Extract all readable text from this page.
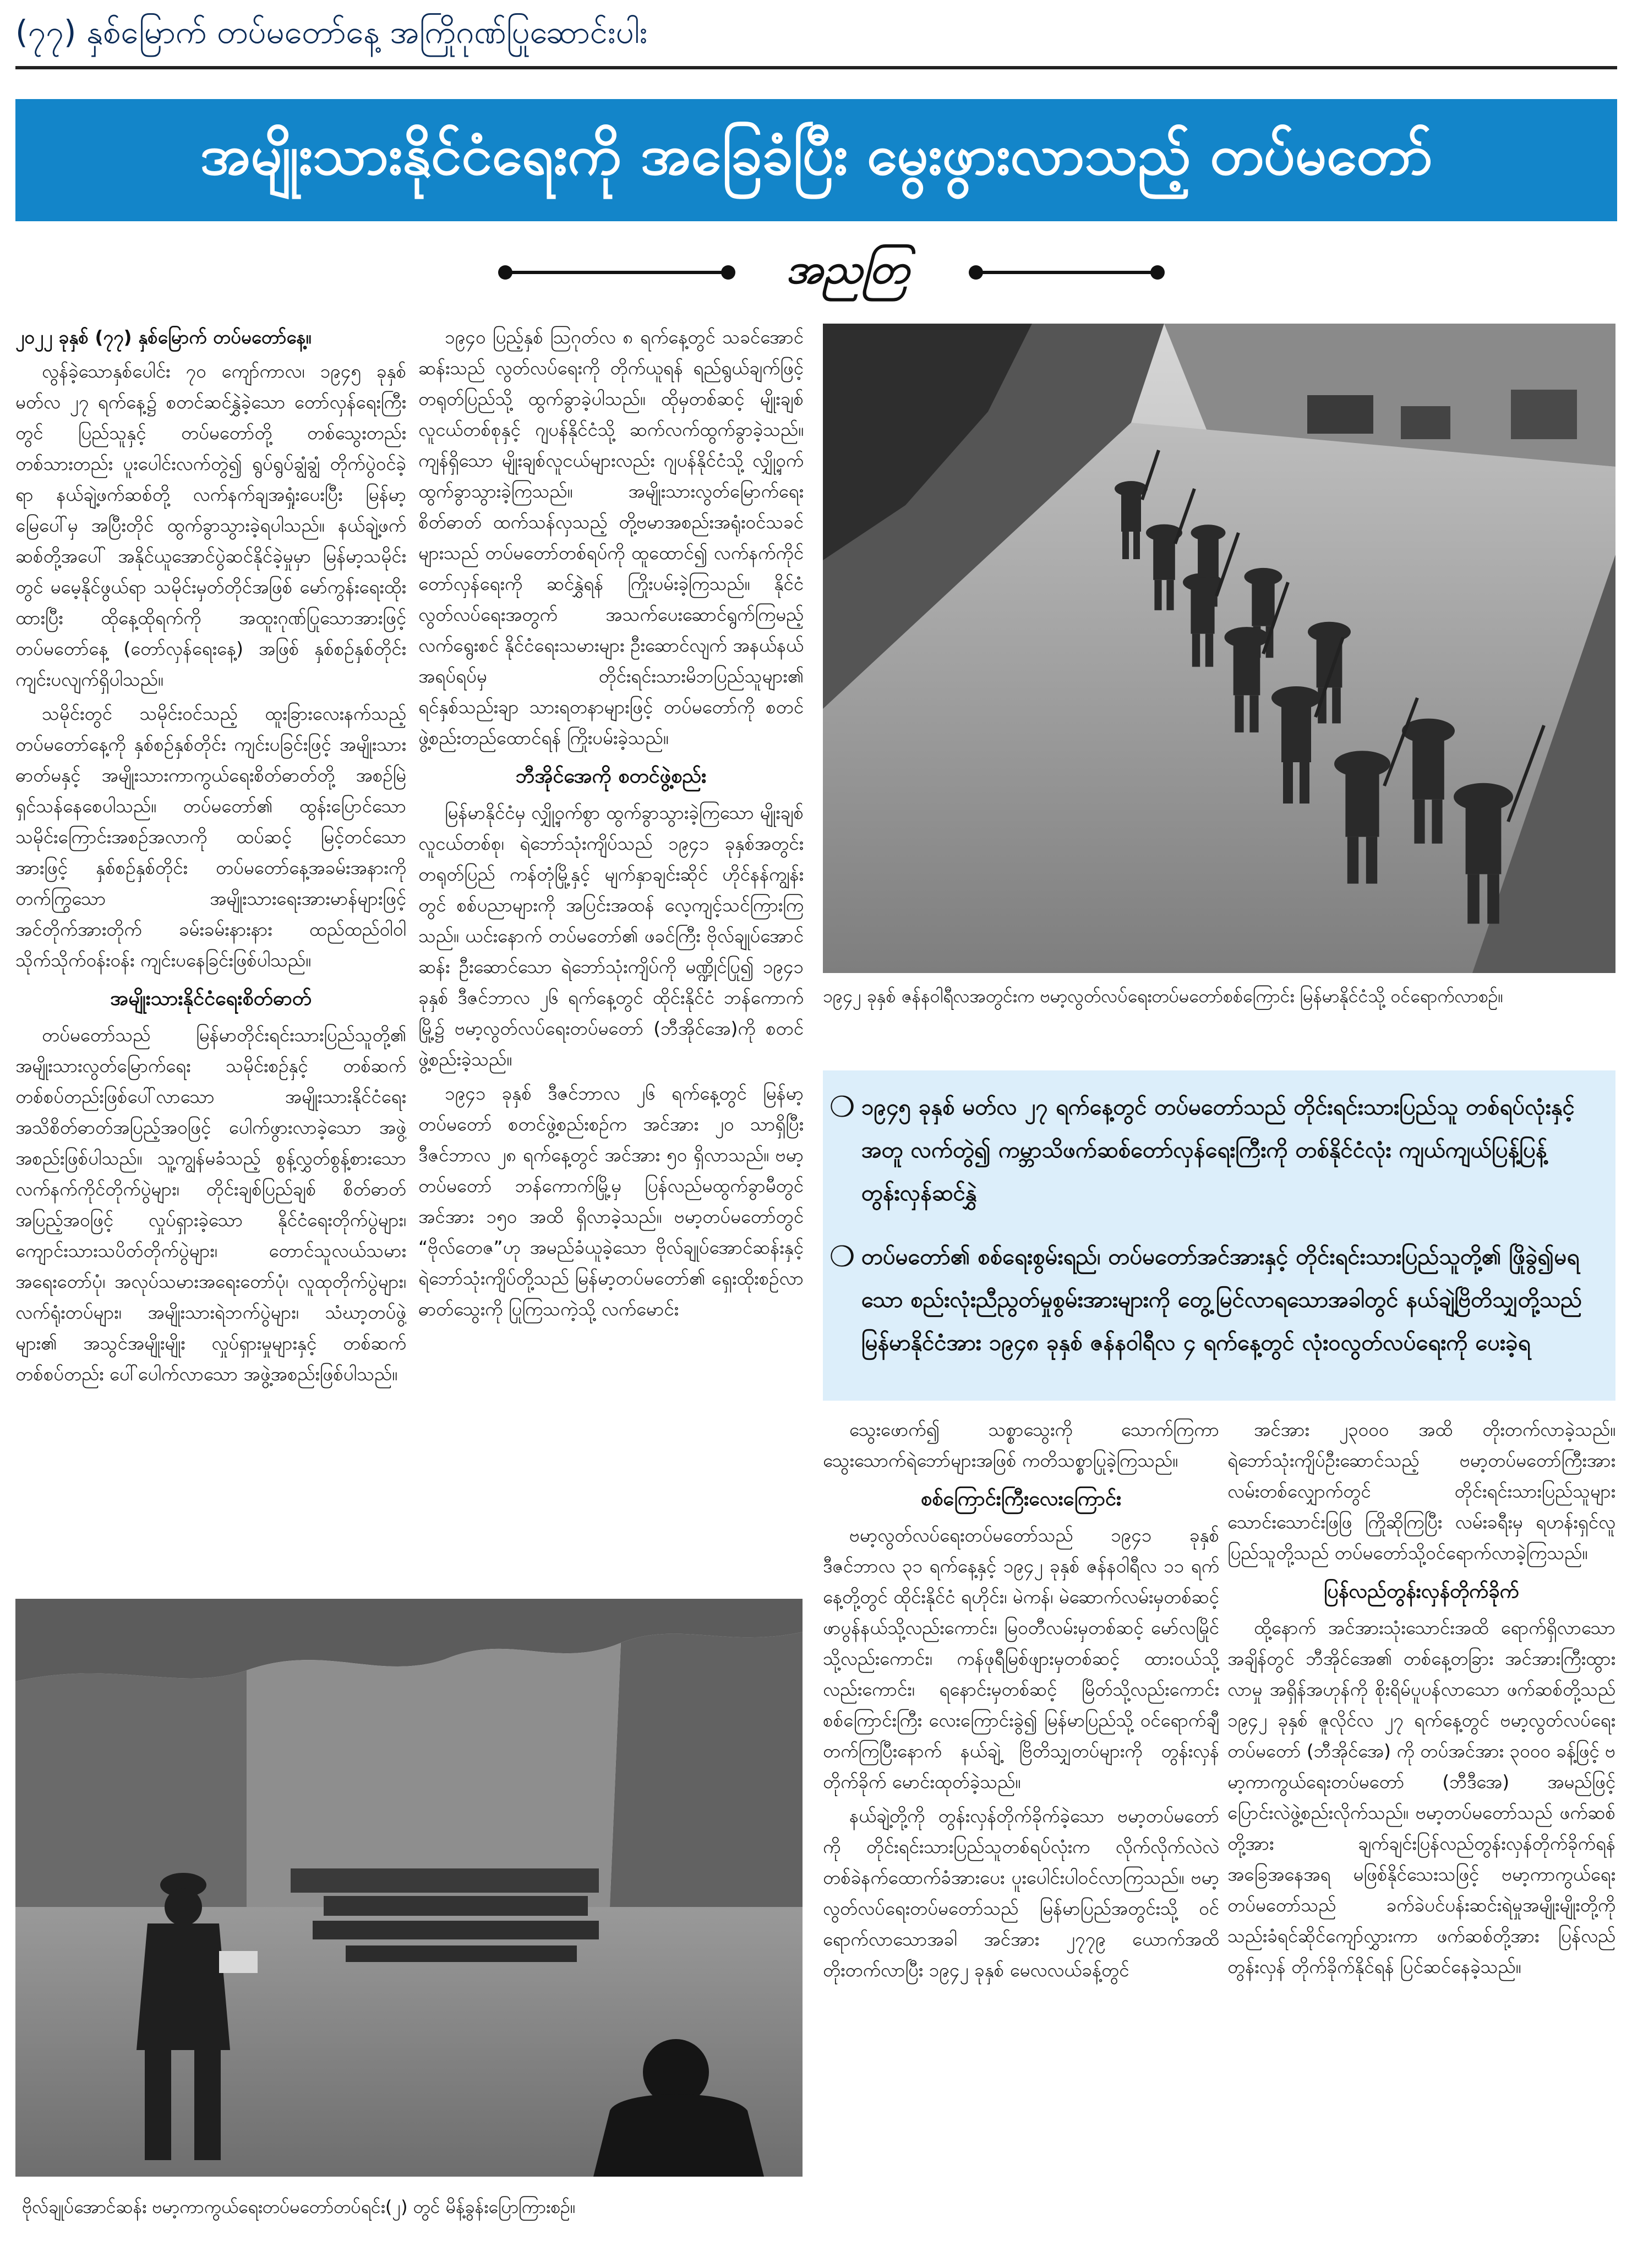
(၇၇) နှစ်မြောက် တပ်မတော်နေ့ အကြိုဂုဏ်ပြုဆောင်းပါး
အမျိုးသားနိုင်ငံရေးကို အခြေခံပြီး မွေးဖွားလာသည့် တပ်မတော်
အညတြ

၂၀၂၂ ခုနှစ် (၇၇) နှစ်မြောက် တပ်မတော်နေ့။

လွန်ခဲ့သောနှစ်ပေါင်း ၇၀ ကျော်ကာလ၊ ၁၉၄၅ ခုနှစ် မတ်လ ၂၇ ရက်နေ့၌ စတင်ဆင်နွှဲခဲ့သော တော်လှန်ရေးကြီးတွင် ပြည်သူနှင့် တပ်မတော်တို့ တစ်သွေးတည်း တစ်သားတည်း ပူးပေါင်းလက်တွဲ၍ ရွပ်ရွပ်ချွံချွံ တိုက်ပွဲဝင်ခဲ့ရာ နယ်ချဲ့ဖက်ဆစ်တို့ လက်နက်ချအရှုံးပေးပြီး မြန်မာ့မြေပေါ်မှ အပြီးတိုင် ထွက်ခွာသွားခဲ့ရပါသည်။ နယ်ချဲ့ဖက်ဆစ်တို့အပေါ် အနိုင်ယူအောင်ပွဲဆင်နိုင်ခဲ့မှုမှာ မြန်မာ့သမိုင်းတွင် မမေ့နိုင်ဖွယ်ရာ သမိုင်းမှတ်တိုင်အဖြစ် မော်ကွန်းရေးထိုးထားပြီး ထိုနေ့ထိုရက်ကို အထူးဂုဏ်ပြုသောအားဖြင့် တပ်မတော်နေ့ (တော်လှန်ရေးနေ့) အဖြစ် နှစ်စဉ်နှစ်တိုင်း ကျင်းပလျက်ရှိပါသည်။

သမိုင်းတွင် သမိုင်းဝင်သည့် ထူးခြားလေးနက်သည့် တပ်မတော်နေ့ကို နှစ်စဉ်နှစ်တိုင်း ကျင်းပခြင်းဖြင့် အမျိုးသားဓာတ်မနှင့် အမျိုးသားကာကွယ်ရေးစိတ်ဓာတ်တို့ အစဉ်မြဲရှင်သန်နေစေပါသည်။ တပ်မတော်၏ ထွန်းပြောင်သော သမိုင်းကြောင်းအစဉ်အလာကို ထပ်ဆင့် မြင့်တင်သောအားဖြင့် နှစ်စဉ်နှစ်တိုင်း တပ်မတော်နေ့အခမ်းအနားကို တက်ကြွသော အမျိုးသားရေးအားမာန်များဖြင့် အင်တိုက်အားတိုက် ခမ်းခမ်းနားနား ထည်ထည်ဝါဝါ သိုက်သိုက်ဝန်းဝန်း ကျင်းပနေခြင်းဖြစ်ပါသည်။

အမျိုးသားနိုင်ငံရေးစိတ်ဓာတ်

တပ်မတော်သည် မြန်မာတိုင်းရင်းသားပြည်သူတို့၏ အမျိုးသားလွတ်မြောက်ရေး သမိုင်းစဉ်နှင့် တစ်ဆက်တစ်စပ်တည်းဖြစ်ပေါ်လာသော အမျိုးသားနိုင်ငံရေး အသိစိတ်ဓာတ်အပြည့်အဝဖြင့် ပေါက်ဖွားလာခဲ့သော အဖွဲ့အစည်းဖြစ်ပါသည်။ သူ့ကျွန်မခံသည့် စွန့်လွှတ်စွန့်စားသော လက်နက်ကိုင်တိုက်ပွဲများ၊ တိုင်းချစ်ပြည်ချစ် စိတ်ဓာတ်အပြည့်အဝဖြင့် လှုပ်ရှားခဲ့သော နိုင်ငံရေးတိုက်ပွဲများ၊ ကျောင်းသားသပိတ်တိုက်ပွဲများ၊ တောင်သူလယ်သမားအရေးတော်ပုံ၊ အလုပ်သမားအရေးတော်ပုံ၊ လူထုတိုက်ပွဲများ၊ လက်ရုံးတပ်များ၊ အမျိုးသားရဲဘက်ပွဲများ၊ သံဃာ့တပ်ဖွဲ့များ၏ အသွင်အမျိုးမျိုး လှုပ်ရှားမှုများနှင့် တစ်ဆက်တစ်စပ်တည်း ပေါ်ပေါက်လာသော အဖွဲ့အစည်းဖြစ်ပါသည်။

၁၉၄၀ ပြည့်နှစ် ဩဂုတ်လ ၈ ရက်နေ့တွင် သခင်အောင်ဆန်းသည် လွတ်လပ်ရေးကို တိုက်ယူရန် ရည်ရွယ်ချက်ဖြင့် တရုတ်ပြည်သို့ ထွက်ခွာခဲ့ပါသည်။ ထိုမှတစ်ဆင့် မျိုးချစ်လူငယ်တစ်စုနှင့် ဂျပန်နိုင်ငံသို့ ဆက်လက်ထွက်ခွာခဲ့သည်။ ကျန်ရှိသော မျိုးချစ်လူငယ်များလည်း ဂျပန်နိုင်ငံသို့ လျှို့ဝှက်ထွက်ခွာသွားခဲ့ကြသည်။ အမျိုးသားလွတ်မြောက်ရေးစိတ်ဓာတ် ထက်သန်လှသည့် တို့ဗမာအစည်းအရုံးဝင်သခင်များသည် တပ်မတော်တစ်ရပ်ကို ထူထောင်၍ လက်နက်ကိုင်တော်လှန်ရေးကို ဆင်နွှဲရန် ကြိုးပမ်းခဲ့ကြသည်။ နိုင်ငံလွတ်လပ်ရေးအတွက် အသက်ပေးဆောင်ရွက်ကြမည့် လက်ရွေးစင် နိုင်ငံရေးသမားများ ဦးဆောင်လျက် အနယ်နယ်အရပ်ရပ်မှ တိုင်းရင်းသားမိဘပြည်သူများ၏ ရင်နှစ်သည်းချာ သားရတနာများဖြင့် တပ်မတော်ကို စတင်ဖွဲ့စည်းတည်ထောင်ရန် ကြိုးပမ်းခဲ့သည်။

ဘီအိုင်အေကို စတင်ဖွဲ့စည်း

မြန်မာနိုင်ငံမှ လျှို့ဝှက်စွာ ထွက်ခွာသွားခဲ့ကြသော မျိုးချစ်လူငယ်တစ်စု၊ ရဲဘော်သုံးကျိပ်သည် ၁၉၄၁ ခုနှစ်အတွင်း တရုတ်ပြည် ကန်တုံမြို့နှင့် မျက်နှာချင်းဆိုင် ဟိုင်နန်ကျွန်းတွင် စစ်ပညာများကို အပြင်းအထန် လေ့ကျင့်သင်ကြားကြသည်။ ယင်းနောက် တပ်မတော်၏ ဖခင်ကြီး ဗိုလ်ချုပ်အောင်ဆန်း ဦးဆောင်သော ရဲဘော်သုံးကျိပ်ကို မဏ္ဍိုင်ပြု၍ ၁၉၄၁ ခုနှစ် ဒီဇင်ဘာလ ၂၆ ရက်နေ့တွင် ထိုင်းနိုင်ငံ ဘန်ကောက်မြို့၌ ဗမာ့လွတ်လပ်ရေးတပ်မတော် (ဘီအိုင်အေ)ကို စတင်ဖွဲ့စည်းခဲ့သည်။

၁၉၄၁ ခုနှစ် ဒီဇင်ဘာလ ၂၆ ရက်နေ့တွင် မြန်မာ့တပ်မတော် စတင်ဖွဲ့စည်းစဉ်က အင်အား ၂၀ သာရှိပြီး ဒီဇင်ဘာလ ၂၈ ရက်နေ့တွင် အင်အား ၅၀ ရှိလာသည်။ ဗမာ့တပ်မတော် ဘန်ကောက်မြို့မှ ပြန်လည်မထွက်ခွာမီတွင် အင်အား ၁၅၀ အထိ ရှိလာခဲ့သည်။ ဗမာ့တပ်မတော်တွင် “ဗိုလ်တေဇ”ဟု အမည်ခံယူခဲ့သော ဗိုလ်ချုပ်အောင်ဆန်းနှင့် ရဲဘော်သုံးကျိပ်တို့သည် မြန်မာ့တပ်မတော်၏ ရှေးထိုးစဉ်လာဓာတ်သွေးကို ပြုကြသကဲ့သို့ လက်မောင်း

၁၉၄၂ ခုနှစ် ဇန်နဝါရီလအတွင်းက ဗမာ့လွတ်လပ်ရေးတပ်မတော်စစ်ကြောင်း မြန်မာနိုင်ငံသို့ ဝင်ရောက်လာစဉ်။
❍ ၁၉၄၅ ခုနှစ် မတ်လ ၂၇ ရက်နေ့တွင် တပ်မတော်သည် တိုင်းရင်းသားပြည်သူ တစ်ရပ်လုံးနှင့်အတူ လက်တွဲ၍ ကမ္ဘာသိဖက်ဆစ်တော်လှန်ရေးကြီးကို တစ်နိုင်ငံလုံး ကျယ်ကျယ်ပြန့်ပြန့် တွန်းလှန်ဆင်နွှဲ
❍ တပ်မတော်၏ စစ်ရေးစွမ်းရည်၊ တပ်မတော်အင်အားနှင့် တိုင်းရင်းသားပြည်သူတို့၏ ဖြိုခွဲ၍မရသော စည်းလုံးညီညွတ်မှုစွမ်းအားများကို တွေ့မြင်လာရသောအခါတွင် နယ်ချဲ့ဗြိတိသျှတို့သည် မြန်မာနိုင်ငံအား ၁၉၄၈ ခုနှစ် ဇန်နဝါရီလ ၄ ရက်နေ့တွင် လုံးဝလွတ်လပ်ရေးကို ပေးခဲ့ရ

သွေးဖောက်၍ သစ္စာသွေးကို သောက်ကြကာ သွေးသောက်ရဲဘော်များအဖြစ် ကတိသစ္စာပြုခဲ့ကြသည်။

စစ်ကြောင်းကြီးလေးကြောင်း

ဗမာ့လွတ်လပ်ရေးတပ်မတော်သည် ၁၉၄၁ ခုနှစ် ဒီဇင်ဘာလ ၃၁ ရက်နေ့နှင့် ၁၉၄၂ ခုနှစ် ဇန်နဝါရီလ ၁၁ ရက်နေ့တို့တွင် ထိုင်းနိုင်ငံ ရဟိုင်း၊ မဲကန်၊ မဲဆောက်လမ်းမှတစ်ဆင့် ဖာပွန်နယ်သို့လည်းကောင်း၊ မြဝတီလမ်းမှတစ်ဆင့် မော်လမြိုင်သို့လည်းကောင်း၊ ကန်ဖုရီမြစ်ဖျားမှတစ်ဆင့် ထားဝယ်သို့လည်းကောင်း၊ ရနောင်းမှတစ်ဆင့် မြိတ်သို့လည်းကောင်း စစ်ကြောင်းကြီး လေးကြောင်းခွဲ၍ မြန်မာပြည်သို့ ဝင်ရောက်ချီတက်ကြပြီးနောက် နယ်ချဲ့ ဗြိတိသျှတပ်များကို တွန်းလှန်တိုက်ခိုက် မောင်းထုတ်ခဲ့သည်။

နယ်ချဲ့တို့ကို တွန်းလှန်တိုက်ခိုက်ခဲ့သော ဗမာ့တပ်မတော်ကို တိုင်းရင်းသားပြည်သူတစ်ရပ်လုံးက လိုက်လိုက်လဲလဲ တစ်ခဲနက်ထောက်ခံအားပေး ပူးပေါင်းပါဝင်လာကြသည်။ ဗမာ့လွတ်လပ်ရေးတပ်မတော်သည် မြန်မာပြည်အတွင်းသို့ ဝင်ရောက်လာသောအခါ အင်အား ၂၇၇၉ ယောက်အထိ တိုးတက်လာပြီး ၁၉၄၂ ခုနှစ် မေလလယ်ခန့်တွင်

အင်အား ၂၃၀၀၀ အထိ တိုးတက်လာခဲ့သည်။ ရဲဘော်သုံးကျိပ်ဦးဆောင်သည့် ဗမာ့တပ်မတော်ကြီးအား လမ်းတစ်လျှောက်တွင် တိုင်းရင်းသားပြည်သူများ သောင်းသောင်းဖြဖြ ကြိုဆိုကြပြီး လမ်းခရီးမှ ရဟန်းရှင်လူ ပြည်သူတို့သည် တပ်မတော်သို့ဝင်ရောက်လာခဲ့ကြသည်။

ပြန်လည်တွန်းလှန်တိုက်ခိုက်

ထို့နောက် အင်အားသုံးသောင်းအထိ ရောက်ရှိလာသောအချိန်တွင် ဘီအိုင်အေ၏ တစ်နေ့တခြား အင်အားကြီးထွားလာမှု အရှိန်အဟုန်ကို စိုးရိမ်ပူပန်လာသော ဖက်ဆစ်တို့သည် ၁၉၄၂ ခုနှစ် ဇူလိုင်လ ၂၇ ရက်နေ့တွင် ဗမာ့လွတ်လပ်ရေးတပ်မတော် (ဘီအိုင်အေ) ကို တပ်အင်အား ၃၀၀၀ ခန့်ဖြင့် ဗမာ့ကာကွယ်ရေးတပ်မတော် (ဘီဒီအေ) အမည်ဖြင့် ပြောင်းလဲဖွဲ့စည်းလိုက်သည်။ ဗမာ့တပ်မတော်သည် ဖက်ဆစ်တို့အား ချက်ချင်းပြန်လည်တွန်းလှန်တိုက်ခိုက်ရန် အခြေအနေအရ မဖြစ်နိုင်သေးသဖြင့် ဗမာ့ကာကွယ်ရေး တပ်မတော်သည် ခက်ခဲပင်ပန်းဆင်းရဲမှုအမျိုးမျိုးတို့ကို သည်းခံရင်ဆိုင်ကျော်လွှားကာ ဖက်ဆစ်တို့အား ပြန်လည်တွန်းလှန် တိုက်ခိုက်နိုင်ရန် ပြင်ဆင်နေခဲ့သည်။

ဗိုလ်ချုပ်အောင်ဆန်း ဗမာ့ကာကွယ်ရေးတပ်မတော်တပ်ရင်း(၂) တွင် မိန့်ခွန်းပြောကြားစဉ်။
